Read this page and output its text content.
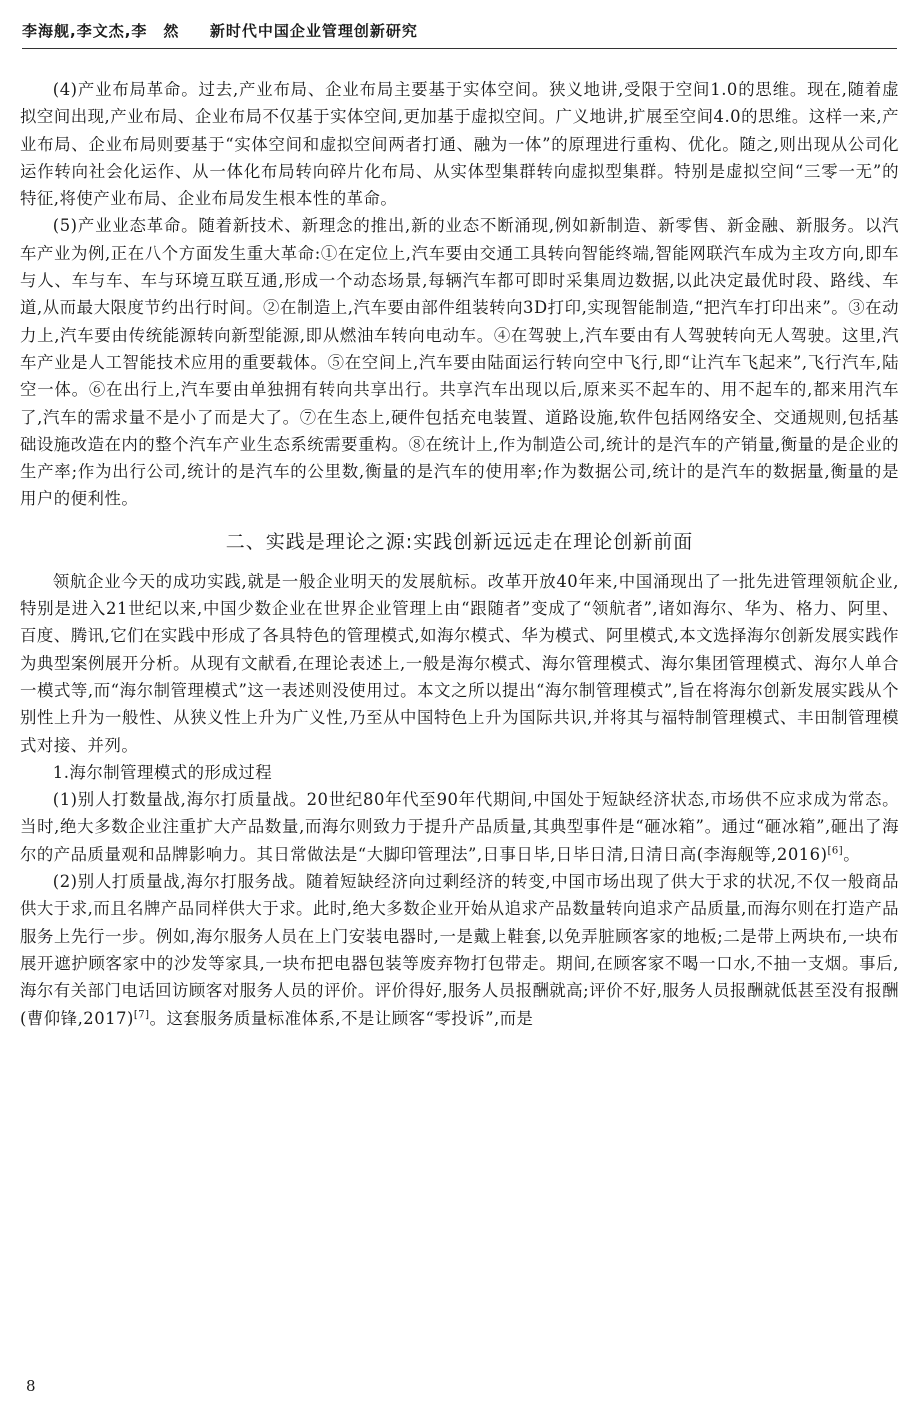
李海舰,李文杰,李　然 新时代中国企业管理创新研究

(4)产业布局革命。过去,产业布局、企业布局主要基于实体空间。狭义地讲,受限于空间1.0的思维。现在,随着虚拟空间出现,产业布局、企业布局不仅基于实体空间,更加基于虚拟空间。广义地讲,扩展至空间4.0的思维。这样一来,产业布局、企业布局则要基于“实体空间和虚拟空间两者打通、融为一体”的原理进行重构、优化。随之,则出现从公司化运作转向社会化运作、从一体化布局转向碎片化布局、从实体型集群转向虚拟型集群。特别是虚拟空间“三零一无”的特征,将使产业布局、企业布局发生根本性的革命。

(5)产业业态革命。随着新技术、新理念的推出,新的业态不断涌现,例如新制造、新零售、新金融、新服务。以汽车产业为例,正在八个方面发生重大革命:①在定位上,汽车要由交通工具转向智能终端,智能网联汽车成为主攻方向,即车与人、车与车、车与环境互联互通,形成一个动态场景,每辆汽车都可即时采集周边数据,以此决定最优时段、路线、车道,从而最大限度节约出行时间。②在制造上,汽车要由部件组装转向3D打印,实现智能制造,“把汽车打印出来”。③在动力上,汽车要由传统能源转向新型能源,即从燃油车转向电动车。④在驾驶上,汽车要由有人驾驶转向无人驾驶。这里,汽车产业是人工智能技术应用的重要载体。⑤在空间上,汽车要由陆面运行转向空中飞行,即“让汽车飞起来”,飞行汽车,陆空一体。⑥在出行上,汽车要由单独拥有转向共享出行。共享汽车出现以后,原来买不起车的、用不起车的,都来用汽车了,汽车的需求量不是小了而是大了。⑦在生态上,硬件包括充电装置、道路设施,软件包括网络安全、交通规则,包括基础设施改造在内的整个汽车产业生态系统需要重构。⑧在统计上,作为制造公司,统计的是汽车的产销量,衡量的是企业的生产率;作为出行公司,统计的是汽车的公里数,衡量的是汽车的使用率;作为数据公司,统计的是汽车的数据量,衡量的是用户的便利性。

二、实践是理论之源:实践创新远远走在理论创新前面

领航企业今天的成功实践,就是一般企业明天的发展航标。改革开放40年来,中国涌现出了一批先进管理领航企业,特别是进入21世纪以来,中国少数企业在世界企业管理上由“跟随者”变成了“领航者”,诸如海尔、华为、格力、阿里、百度、腾讯,它们在实践中形成了各具特色的管理模式,如海尔模式、华为模式、阿里模式,本文选择海尔创新发展实践作为典型案例展开分析。从现有文献看,在理论表述上,一般是海尔模式、海尔管理模式、海尔集团管理模式、海尔人单合一模式等,而“海尔制管理模式”这一表述则没使用过。本文之所以提出“海尔制管理模式”,旨在将海尔创新发展实践从个别性上升为一般性、从狭义性上升为广义性,乃至从中国特色上升为国际共识,并将其与福特制管理模式、丰田制管理模式对接、并列。

1.海尔制管理模式的形成过程

(1)别人打数量战,海尔打质量战。20世纪80年代至90年代期间,中国处于短缺经济状态,市场供不应求成为常态。当时,绝大多数企业注重扩大产品数量,而海尔则致力于提升产品质量,其典型事件是“砸冰箱”。通过“砸冰箱”,砸出了海尔的产品质量观和品牌影响力。其日常做法是“大脚印管理法”,日事日毕,日毕日清,日清日高(李海舰等,2016)[6]。

(2)别人打质量战,海尔打服务战。随着短缺经济向过剩经济的转变,中国市场出现了供大于求的状况,不仅一般商品供大于求,而且名牌产品同样供大于求。此时,绝大多数企业开始从追求产品数量转向追求产品质量,而海尔则在打造产品服务上先行一步。例如,海尔服务人员在上门安装电器时,一是戴上鞋套,以免弄脏顾客家的地板;二是带上两块布,一块布展开遮护顾客家中的沙发等家具,一块布把电器包装等废弃物打包带走。期间,在顾客家不喝一口水,不抽一支烟。事后,海尔有关部门电话回访顾客对服务人员的评价。评价得好,服务人员报酬就高;评价不好,服务人员报酬就低甚至没有报酬(曹仰锋,2017)[7]。这套服务质量标准体系,不是让顾客“零投诉”,而是

8
